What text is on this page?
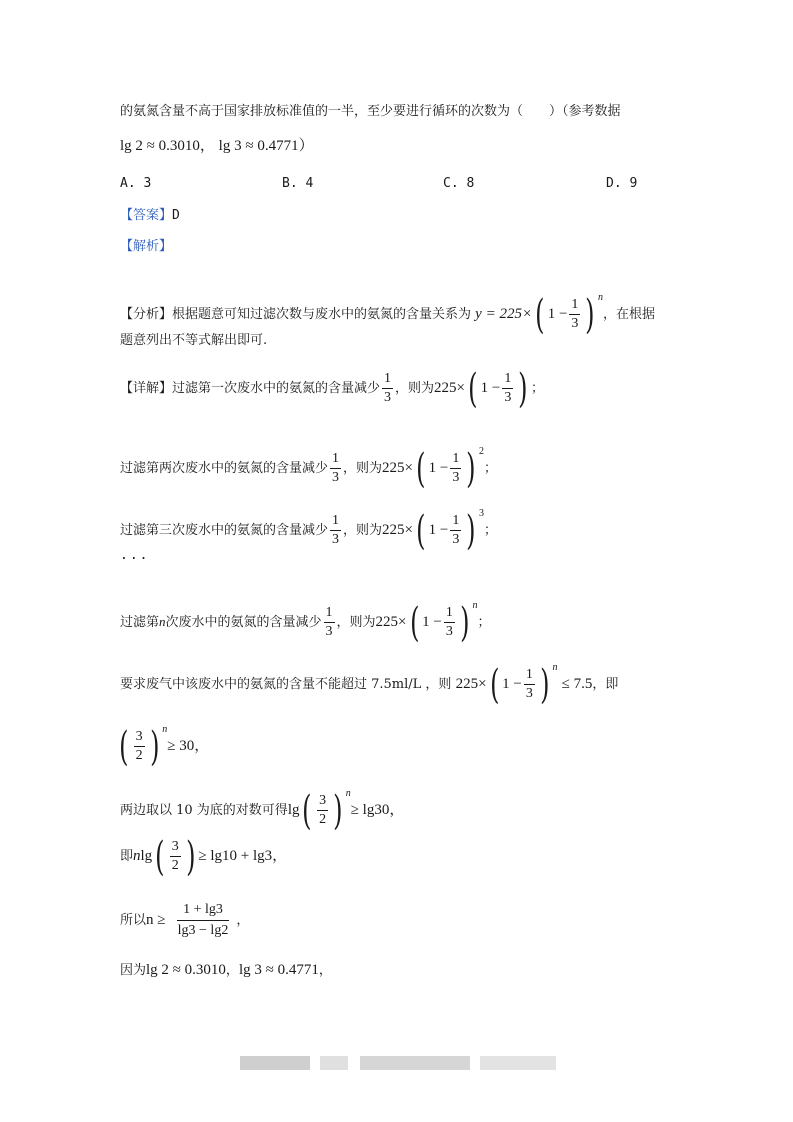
的氨氮含量不高于国家排放标准值的一半，至少要进行循环的次数为（　　）（参考数据
lg 2 ≈ 0.3010， lg 3 ≈ 0.4771）
A. 3	B. 4	C. 8	D. 9
【答案】D
【解析】
【分析】根据题意可知过滤次数与废水中的氨氮的含量关系为 y = 225×( $1 - \frac{1}{3}$ ) $^n$，在根据
题意列出不等式解出即可.
【详解】过滤第一次废水中的氨氮的含量减少 $\frac{1}{3}$ ，则为225×( $1 - \frac{1}{3}$ ) ；
过滤第两次废水中的氨氮的含量减少 $\frac{1}{3}$ ，则为225×( $1 - \frac{1}{3}$ ) $^2$；
过滤第三次废水中的氨氮的含量减少 $\frac{1}{3}$ ，则为225×( $1 - \frac{1}{3}$ ) $^3$；
...
过滤第n次废水中的氨氮的含量减少 $\frac{1}{3}$ ，则为225×( $1 - \frac{1}{3}$ ) $^n$；
要求废气中该废水中的氨氮的含量不能超过 7.5ml/L ，则 225×( $1 - \frac{1}{3}$ ) $^n$ ≤ 7.5，即
( $\frac{3}{2}$ ) $^n$≥ 30，
两边取以 10 为底的对数可得$\lg( \frac{3}{2}$ ) $^n$≥ lg30，
即$nlg( \frac{3}{2}$ ) ≥ lg10 + lg3，
所以$n \ge \frac{1 + \lg 3}{\lg 3 - \lg 2}$ ，
因为lg 2 ≈ 0.3010，lg 3 ≈ 0.4771，
